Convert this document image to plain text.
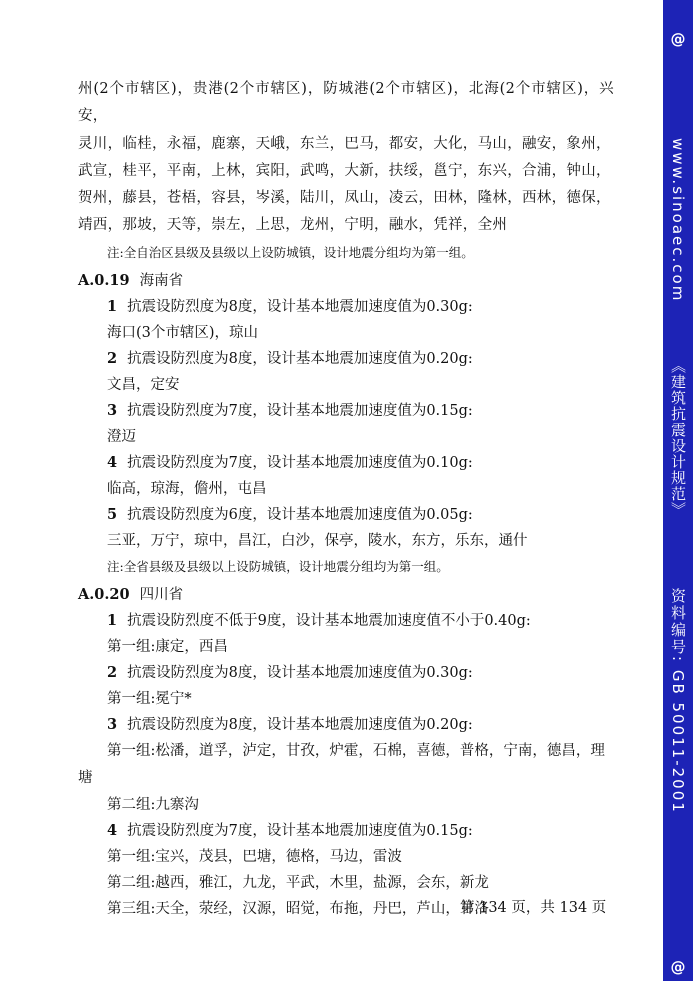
州(2个市辖区)，贵港(2个市辖区)，防城港(2个市辖区)，北海(2个市辖区)，兴安，
灵川，临桂，永福，鹿寨，天峨，东兰，巴马，都安，大化，马山，融安，象州，
武宣，桂平，平南，上林，宾阳，武鸣，大新，扶绥，邕宁，东兴，合浦，钟山，
贺州，藤县，苍梧，容县，岑溪，陆川，凤山，凌云，田林，隆林，西林，德保，
靖西，那坡，天等，崇左，上思，龙州，宁明，融水，凭祥，全州
注:全自治区县级及县级以上设防城镇，设计地震分组均为第一组。
A.0.19 海南省
1 抗震设防烈度为8度，设计基本地震加速度值为0.30g:
海口(3个市辖区)，琼山
2 抗震设防烈度为8度，设计基本地震加速度值为0.20g:
文昌，定安
3 抗震设防烈度为7度，设计基本地震加速度值为0.15g:
澄迈
4 抗震设防烈度为7度，设计基本地震加速度值为0.10g:
临高，琼海，儋州，屯昌
5 抗震设防烈度为6度，设计基本地震加速度值为0.05g:
三亚，万宁，琼中，昌江，白沙，保亭，陵水，东方，乐东，通什
注:全省县级及县级以上设防城镇，设计地震分组均为第一组。
A.0.20 四川省
1 抗震设防烈度不低于9度，设计基本地震加速度值不小于0.40g:
第一组:康定，西昌
2 抗震设防烈度为8度，设计基本地震加速度值为0.30g:
第一组:冕宁*
3 抗震设防烈度为8度，设计基本地震加速度值为0.20g:
第一组:松潘，道孚，泸定，甘孜，炉霍，石棉，喜德，普格，宁南，德昌，理
塘
第二组:九寨沟
4 抗震设防烈度为7度，设计基本地震加速度值为0.15g:
第一组:宝兴，茂县，巴塘，德格，马边，雷波
第二组:越西，雅江，九龙，平武，木里，盐源，会东，新龙
第三组:天全，荥经，汉源，昭觉，布拖，丹巴，芦山，甘洛
第 134 页，共 134 页
@
www.sinoaec.com
《建筑抗震设计规范》
资料编号: GB 50011-2001
@
